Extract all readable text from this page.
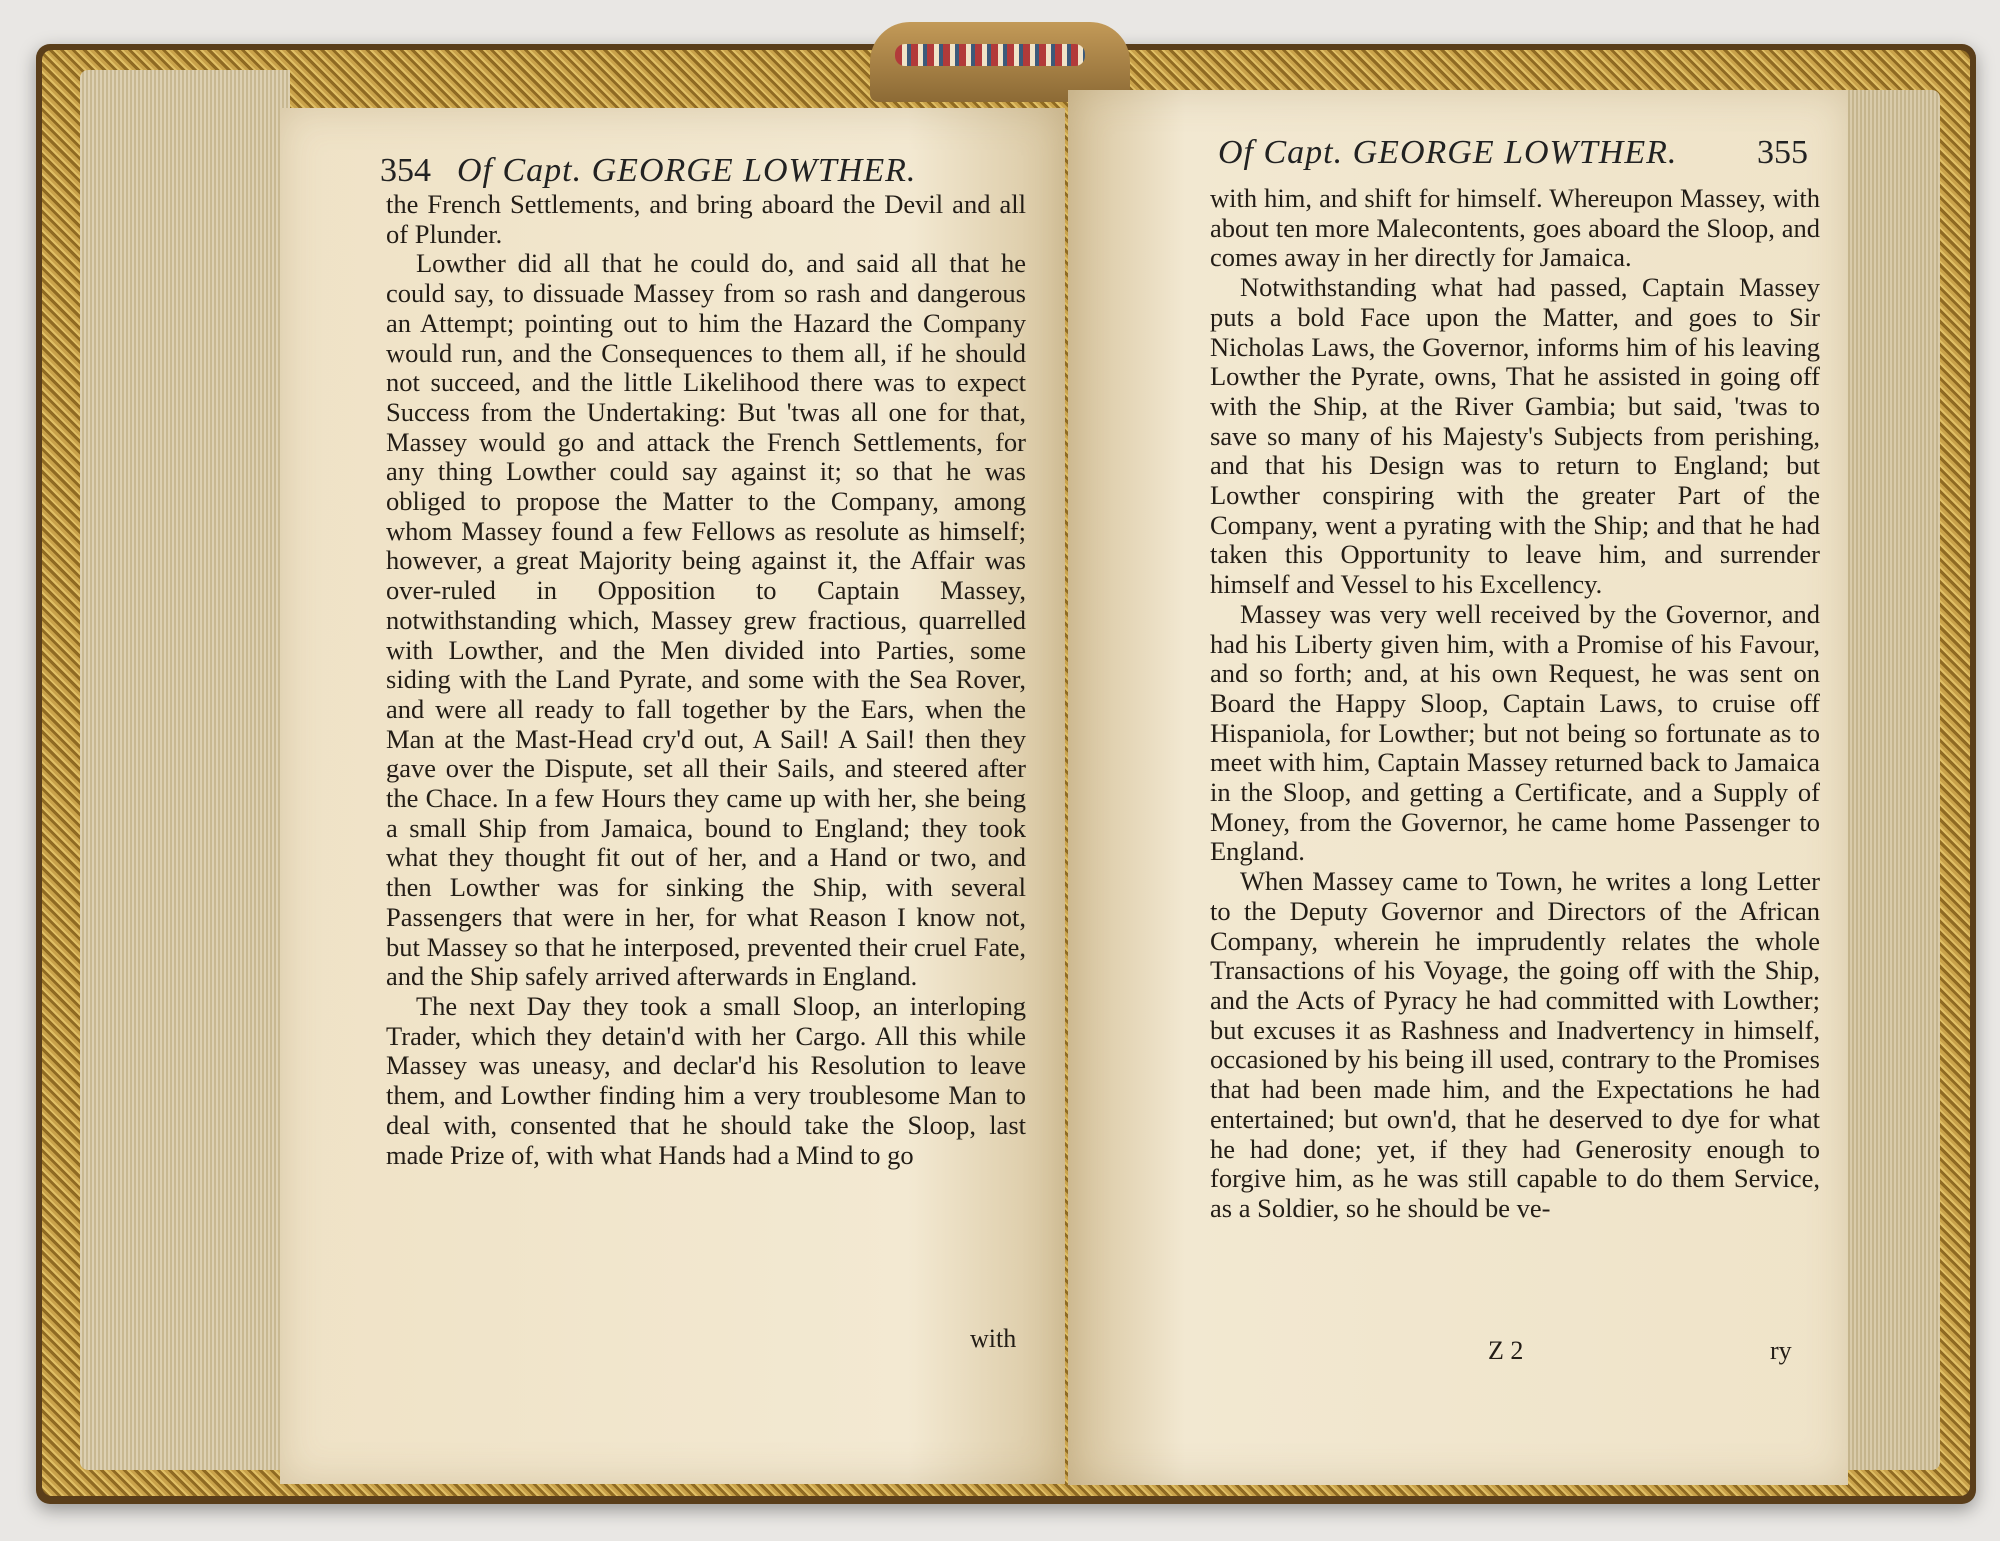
354 Of Capt. GEORGE LOWTHER.

the French Settlements, and bring aboard the Devil and all of Plunder.

Lowther did all that he could do, and said all that he could say, to dissuade Massey from so rash and dangerous an Attempt; pointing out to him the Hazard the Company would run, and the Consequences to them all, if he should not succeed, and the little Likelihood there was to expect Success from the Undertaking: But 'twas all one for that, Massey would go and attack the French Settlements, for any thing Lowther could say against it; so that he was obliged to propose the Matter to the Company, among whom Massey found a few Fellows as resolute as himself; however, a great Majority being against it, the Affair was over-ruled in Opposition to Captain Massey, notwithstanding which, Massey grew fractious, quarrelled with Lowther, and the Men divided into Parties, some siding with the Land Pyrate, and some with the Sea Rover, and were all ready to fall together by the Ears, when the Man at the Mast-Head cry'd out, A Sail! A Sail! then they gave over the Dispute, set all their Sails, and steered after the Chace. In a few Hours they came up with her, she being a small Ship from Jamaica, bound to England; they took what they thought fit out of her, and a Hand or two, and then Lowther was for sinking the Ship, with several Passengers that were in her, for what Reason I know not, but Massey so that he interposed, prevented their cruel Fate, and the Ship safely arrived afterwards in England.

The next Day they took a small Sloop, an interloping Trader, which they detain'd with her Cargo. All this while Massey was uneasy, and declar'd his Resolution to leave them, and Lowther finding him a very troublesome Man to deal with, consented that he should take the Sloop, last made Prize of, with what Hands had a Mind to go

with
Of Capt. GEORGE LOWTHER. 355

with him, and shift for himself. Whereupon Massey, with about ten more Malecontents, goes aboard the Sloop, and comes away in her directly for Jamaica.

Notwithstanding what had passed, Captain Massey puts a bold Face upon the Matter, and goes to Sir Nicholas Laws, the Governor, informs him of his leaving Lowther the Pyrate, owns, That he assisted in going off with the Ship, at the River Gambia; but said, 'twas to save so many of his Majesty's Subjects from perishing, and that his Design was to return to England; but Lowther conspiring with the greater Part of the Company, went a pyrating with the Ship; and that he had taken this Opportunity to leave him, and surrender himself and Vessel to his Excellency.

Massey was very well received by the Governor, and had his Liberty given him, with a Promise of his Favour, and so forth; and, at his own Request, he was sent on Board the Happy Sloop, Captain Laws, to cruise off Hispaniola, for Lowther; but not being so fortunate as to meet with him, Captain Massey returned back to Jamaica in the Sloop, and getting a Certificate, and a Supply of Money, from the Governor, he came home Passenger to England.

When Massey came to Town, he writes a long Letter to the Deputy Governor and Directors of the African Company, wherein he imprudently relates the whole Transactions of his Voyage, the going off with the Ship, and the Acts of Pyracy he had committed with Lowther; but excuses it as Rashness and Inadvertency in himself, occasioned by his being ill used, contrary to the Promises that had been made him, and the Expectations he had entertained; but own'd, that he deserved to dye for what he had done; yet, if they had Generosity enough to forgive him, as he was still capable to do them Service, as a Soldier, so he should be ve-

Z 2	ry
